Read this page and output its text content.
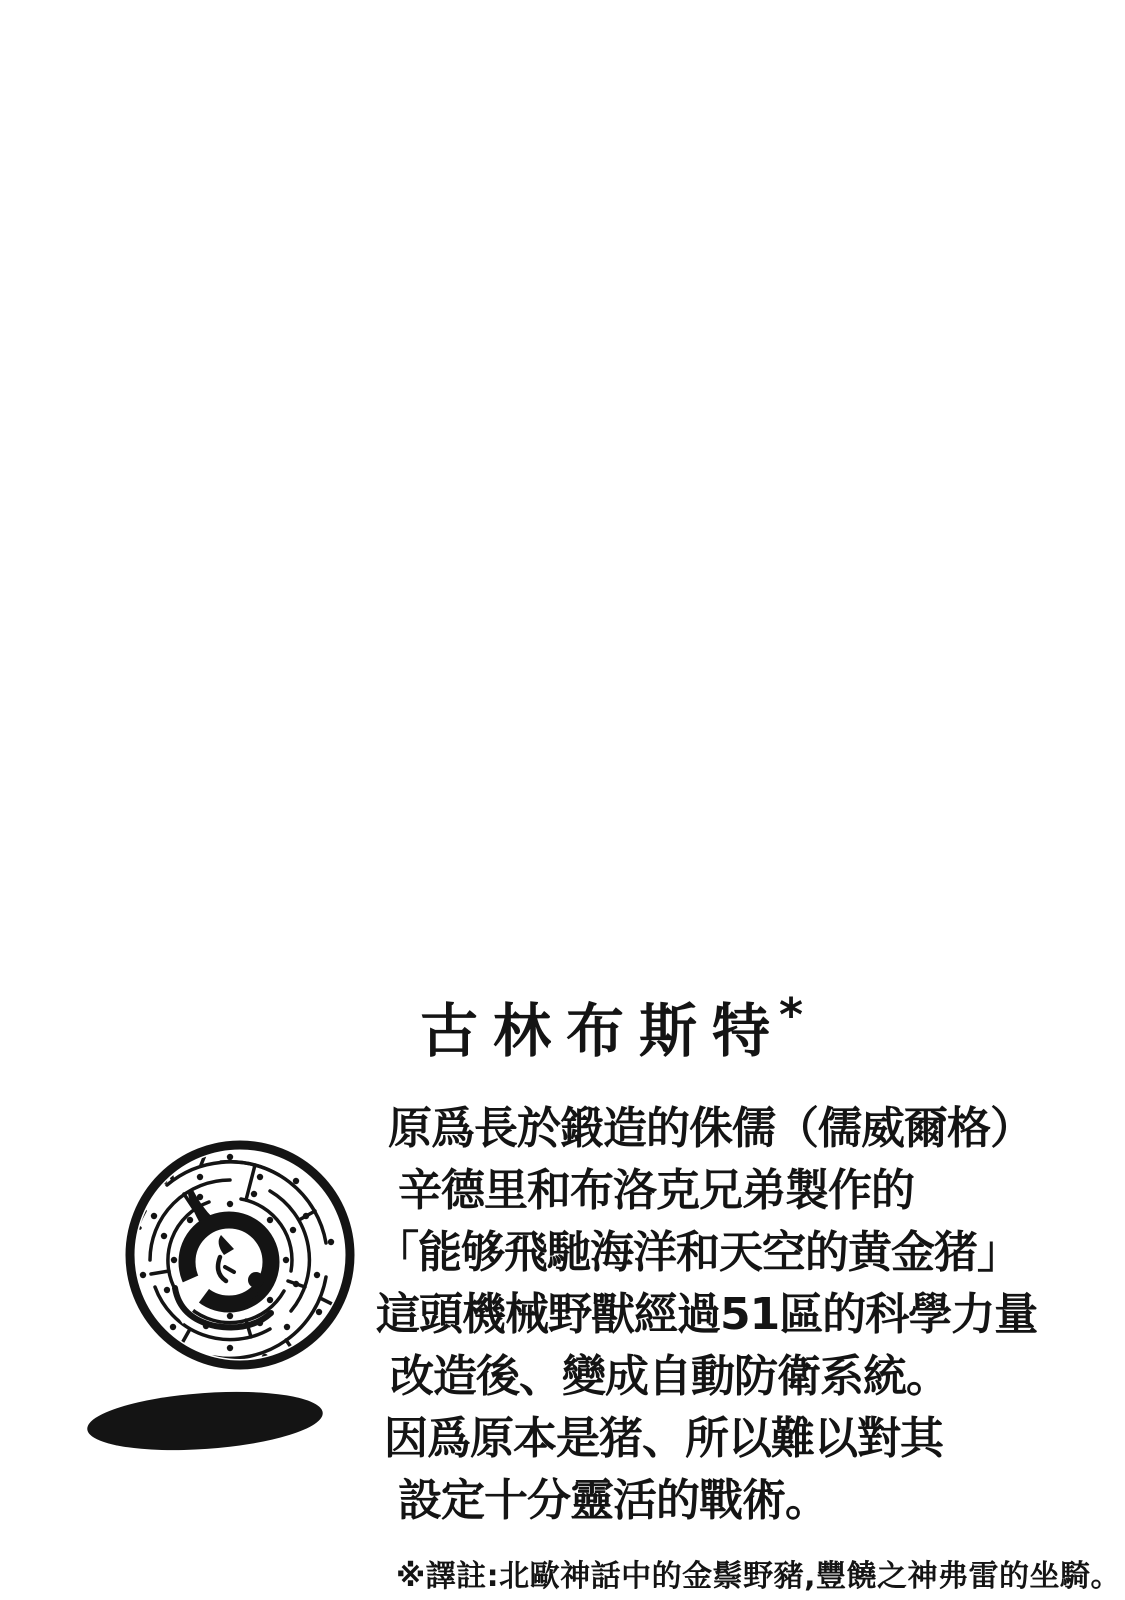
古林布斯特*
原爲長於鍛造的侏儒（儒威爾格）
辛德里和布洛克兄弟製作的
「能够飛馳海洋和天空的黄金猪」
這頭機械野獸經過51區的科學力量
改造後、變成自動防衛系統。
因爲原本是猪、所以難以對其
設定十分靈活的戰術。
※譯註:北歐神話中的金鬃野豬,豐饒之神弗雷的坐騎。
